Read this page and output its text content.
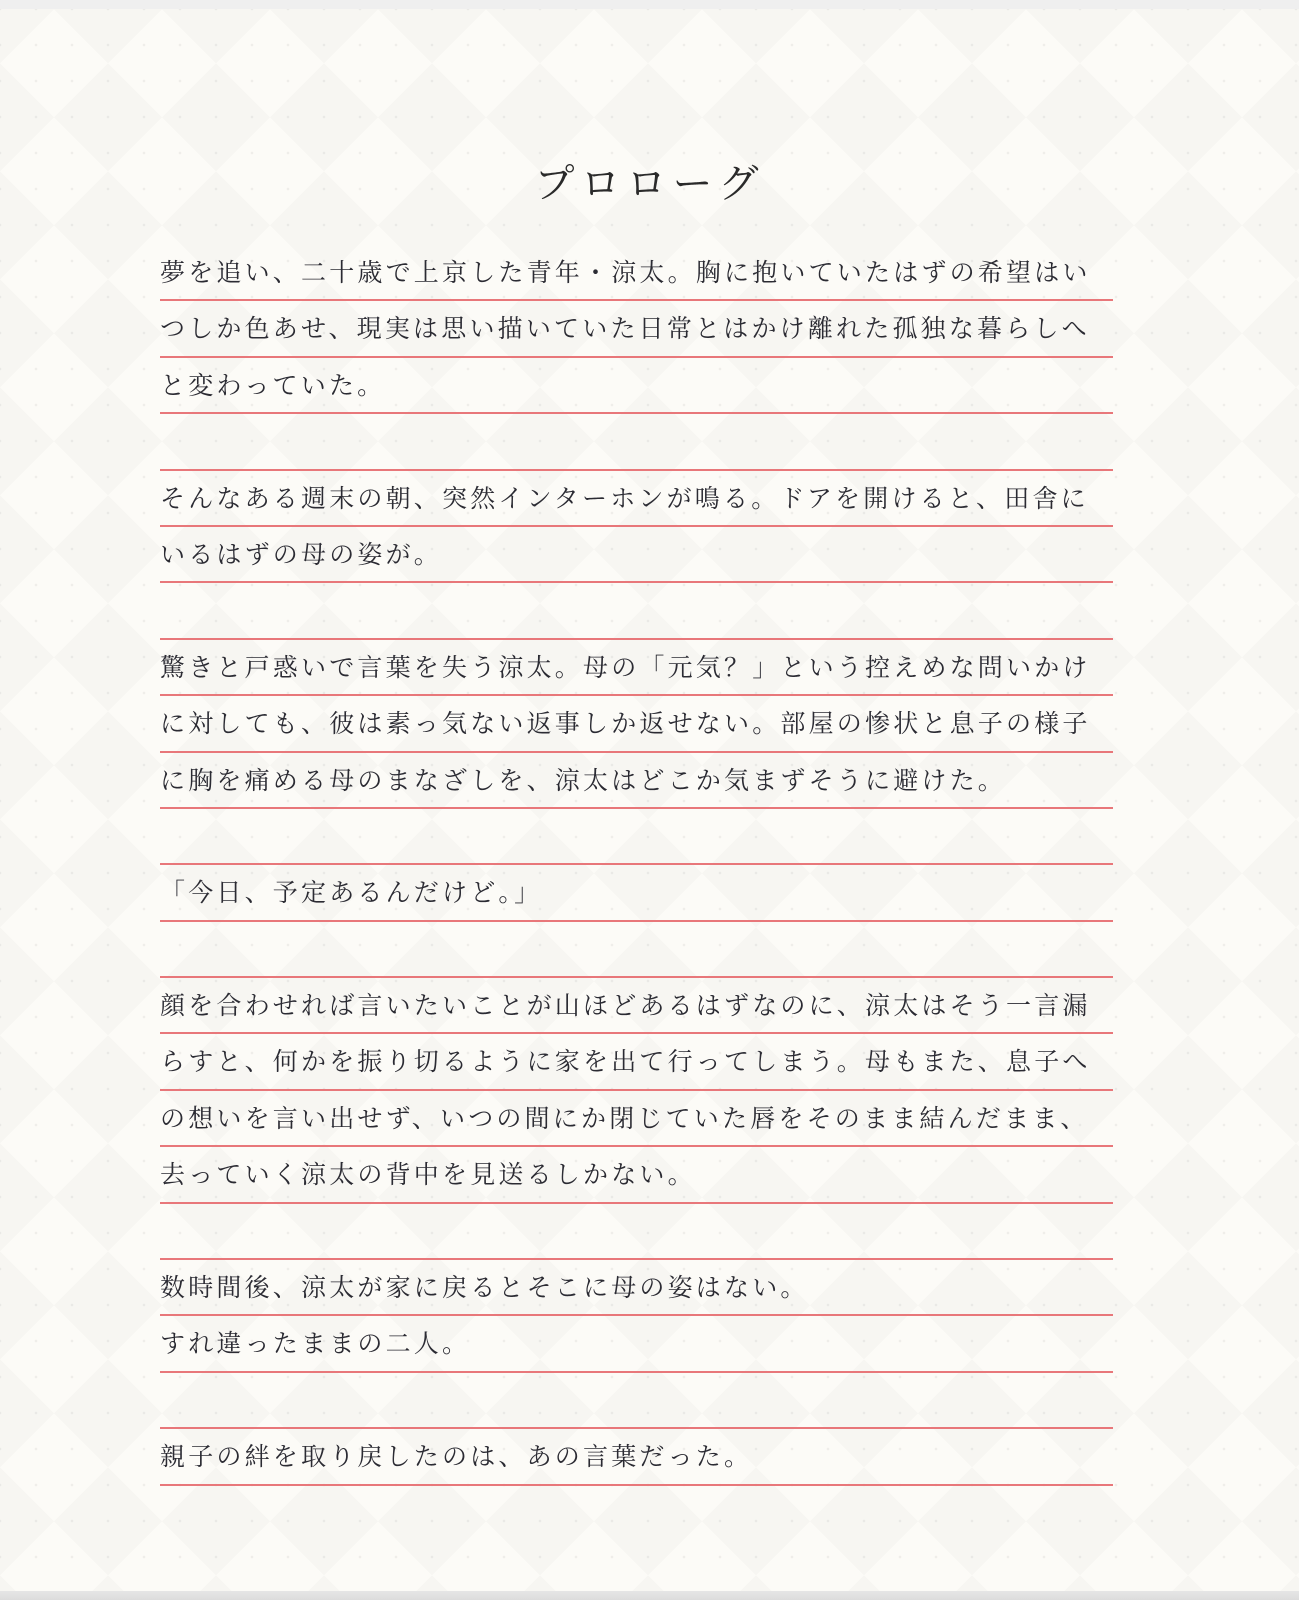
プロローグ
夢を追い、二十歳で上京した青年・涼太。胸に抱いていたはずの希望はい
つしか色あせ、現実は思い描いていた日常とはかけ離れた孤独な暮らしへ
と変わっていた。
そんなある週末の朝、突然インターホンが鳴る。ドアを開けると、田舎に
いるはずの母の姿が。
驚きと戸惑いで言葉を失う涼太。母の「元気？」という控えめな問いかけ
に対しても、彼は素っ気ない返事しか返せない。部屋の惨状と息子の様子
に胸を痛める母のまなざしを、涼太はどこか気まずそうに避けた。
「今日、予定あるんだけど。」
顔を合わせれば言いたいことが山ほどあるはずなのに、涼太はそう一言漏
らすと、何かを振り切るように家を出て行ってしまう。母もまた、息子へ
の想いを言い出せず、いつの間にか閉じていた唇をそのまま結んだまま、
去っていく涼太の背中を見送るしかない。
数時間後、涼太が家に戻るとそこに母の姿はない。
すれ違ったままの二人。
親子の絆を取り戻したのは、あの言葉だった。
